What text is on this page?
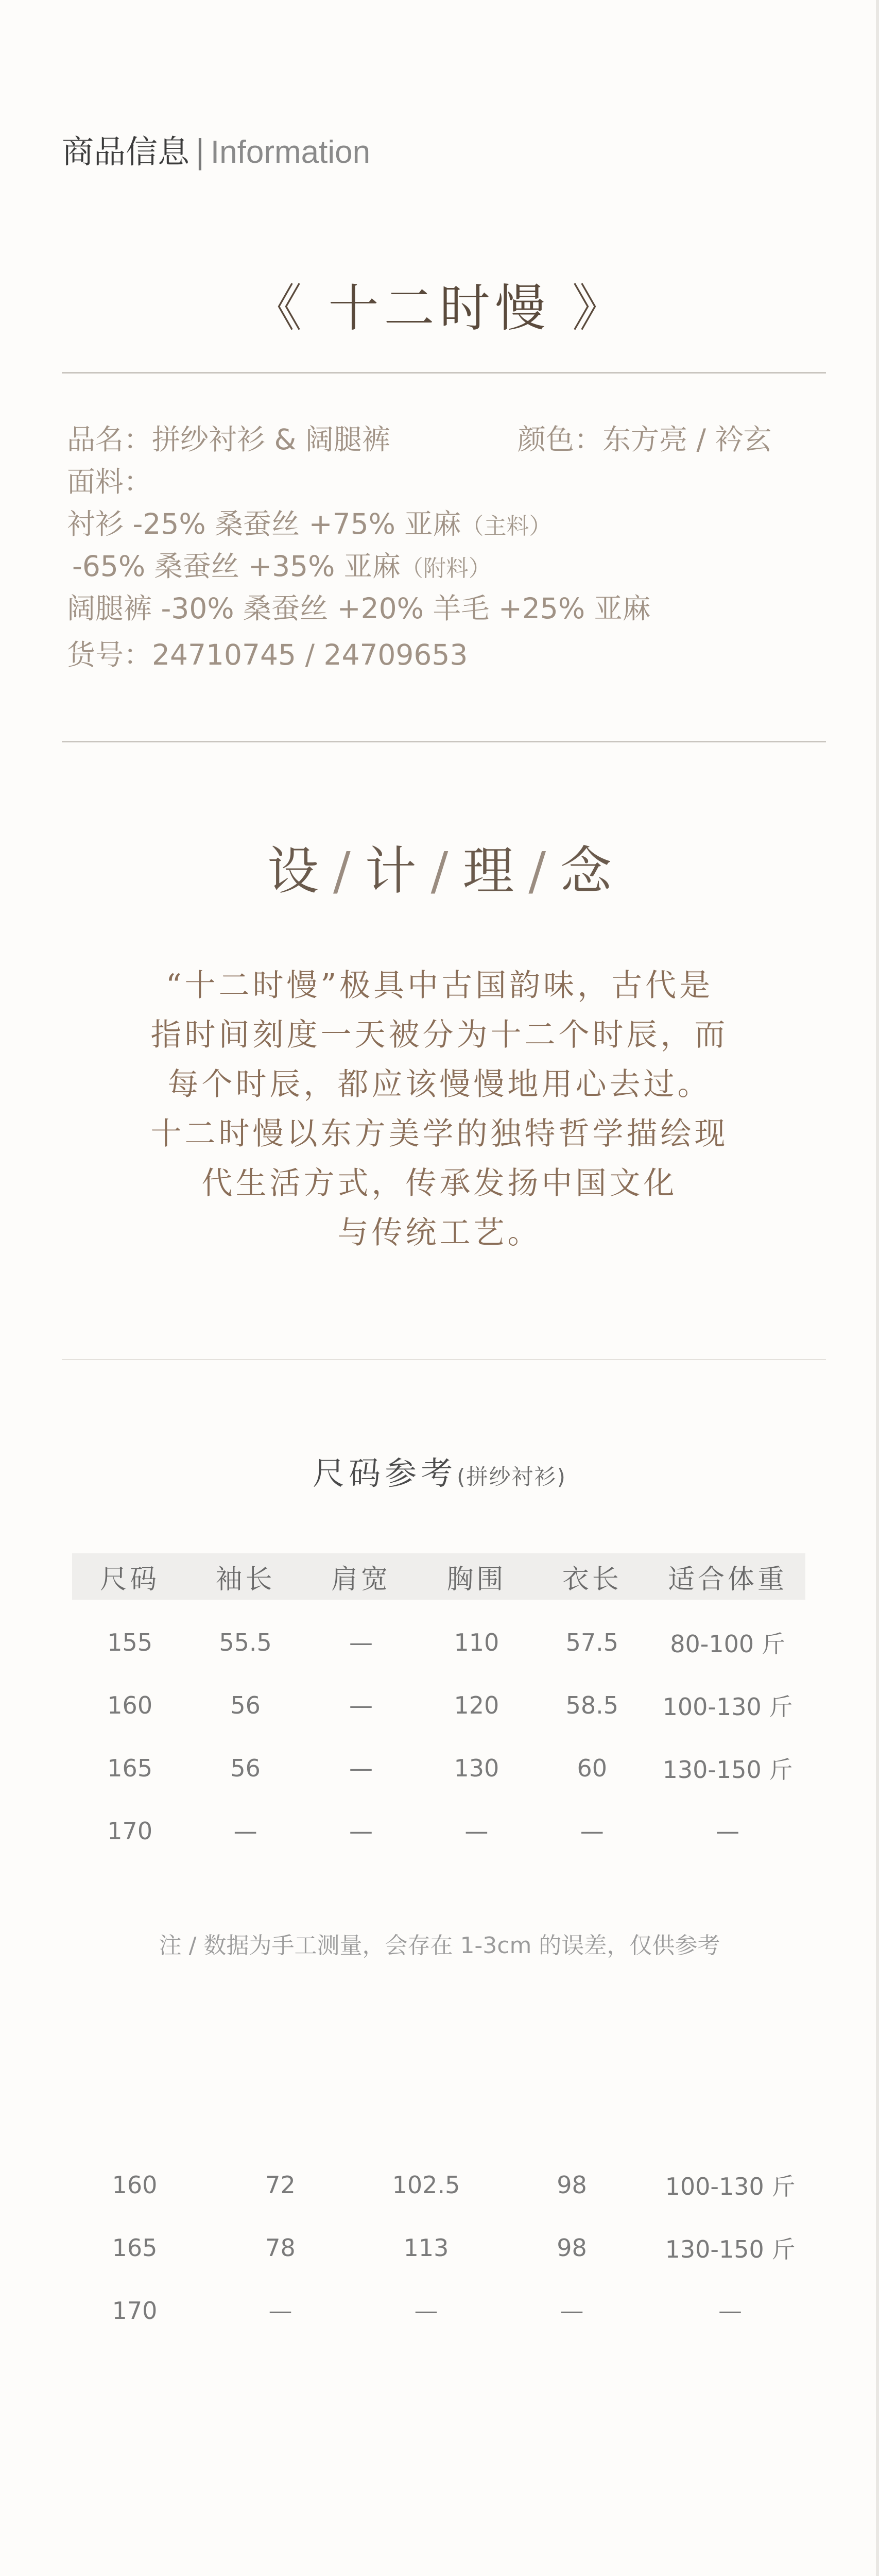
商品信息 | Information
《 十二时慢 》
品名：拼纱衬衫 & 阔腿裤	颜色：东方亮 / 衿玄
面料：
衬衫 -25% 桑蚕丝 +75% 亚麻（主料）
-65% 桑蚕丝 +35% 亚麻（附料）
阔腿裤 -30% 桑蚕丝 +20% 羊毛 +25% 亚麻
货号：24710745 / 24709653
设 / 计 / 理 / 念
“十二时慢”极具中古国韵味，古代是
指时间刻度一天被分为十二个时辰，而
每个时辰，都应该慢慢地用心去过。
十二时慢以东方美学的独特哲学描绘现
代生活方式，传承发扬中国文化
与传统工艺。
尺码参考(拼纱衬衫)
尺码	袖长	肩宽	胸围	衣长	适合体重

155	55.5	—	110	57.5	80-100 斤
160	56	—	120	58.5	100-130 斤
165	56	—	130	60	130-150 斤
170	—	—	—	—	—
注 / 数据为手工测量，会存在 1-3cm 的误差，仅供参考
160	72	102.5	98	100-130 斤
165	78	113	98	130-150 斤
170	—	—	—	—
